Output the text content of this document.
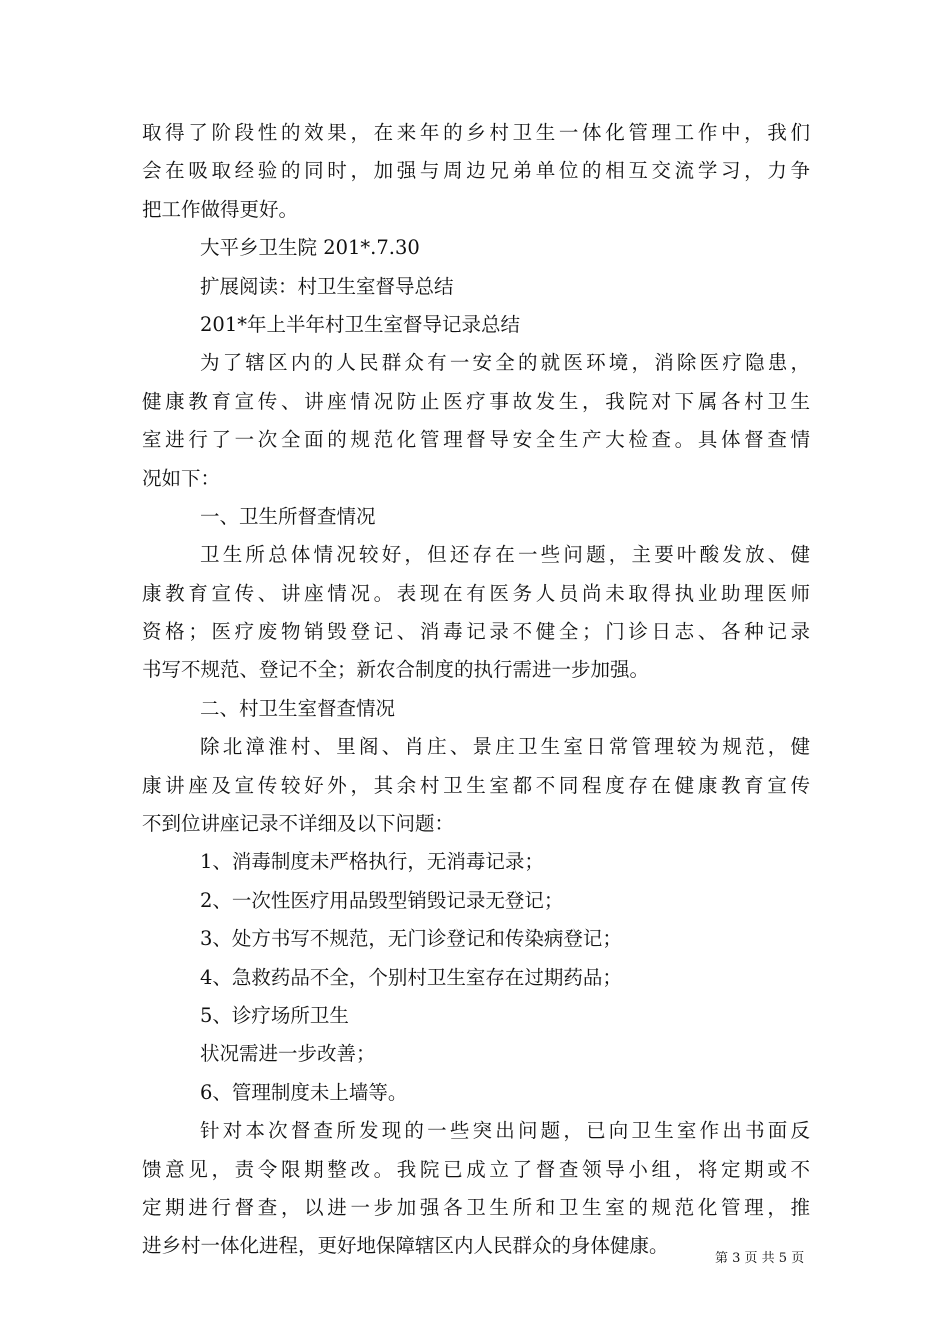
取得了阶段性的效果，在来年的乡村卫生一体化管理工作中，我们
会在吸取经验的同时，加强与周边兄弟单位的相互交流学习，力争
把工作做得更好。
大平乡卫生院 201*.7.30
扩展阅读：村卫生室督导总结
201*年上半年村卫生室督导记录总结
为了辖区内的人民群众有一安全的就医环境，消除医疗隐患，
健康教育宣传、讲座情况防止医疗事故发生，我院对下属各村卫生
室进行了一次全面的规范化管理督导安全生产大检查。具体督查情
况如下：
一、卫生所督查情况
卫生所总体情况较好，但还存在一些问题，主要叶酸发放、健
康教育宣传、讲座情况。表现在有医务人员尚未取得执业助理医师
资格；医疗废物销毁登记、消毒记录不健全；门诊日志、各种记录
书写不规范、登记不全；新农合制度的执行需进一步加强。
二、村卫生室督查情况
除北漳淮村、里阁、肖庄、景庄卫生室日常管理较为规范，健
康讲座及宣传较好外，其余村卫生室都不同程度存在健康教育宣传
不到位讲座记录不详细及以下问题：
1、消毒制度未严格执行，无消毒记录；
2、一次性医疗用品毁型销毁记录无登记；
3、处方书写不规范，无门诊登记和传染病登记；
4、急救药品不全，个别村卫生室存在过期药品；
5、诊疗场所卫生
状况需进一步改善；
6、管理制度未上墙等。
针对本次督查所发现的一些突出问题，已向卫生室作出书面反
馈意见，责令限期整改。我院已成立了督查领导小组，将定期或不
定期进行督查，以进一步加强各卫生所和卫生室的规范化管理，推
进乡村一体化进程，更好地保障辖区内人民群众的身体健康。
第 3 页 共 5 页
